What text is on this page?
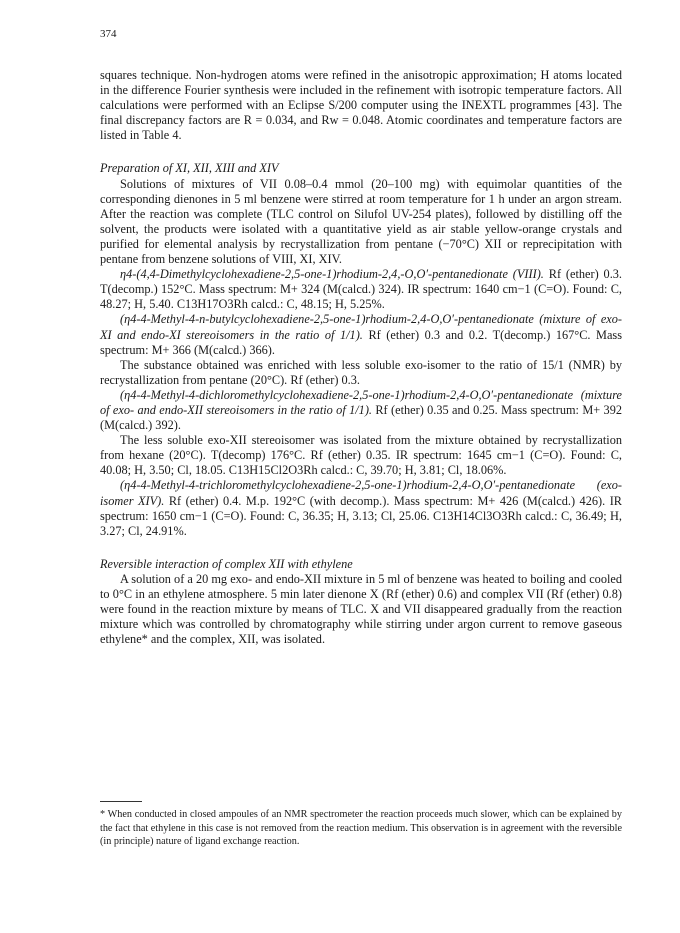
374

squares technique. Non-hydrogen atoms were refined in the anisotropic approximation; H atoms located in the difference Fourier synthesis were included in the refinement with isotropic temperature factors. All calculations were performed with an Eclipse S/200 computer using the INEXTL programmes [43]. The final discrepancy factors are R = 0.034, and Rw = 0.048. Atomic coordinates and temperature factors are listed in Table 4.

Preparation of XI, XII, XIII and XIV

Solutions of mixtures of VII 0.08–0.4 mmol (20–100 mg) with equimolar quantities of the corresponding dienones in 5 ml benzene were stirred at room temperature for 1 h under an argon stream. After the reaction was complete (TLC control on Silufol UV-254 plates), followed by distilling off the solvent, the products were isolated with a quantitative yield as air stable yellow-orange crystals and purified for elemental analysis by recrystallization from pentane (−70°C) XII or reprecipitation with pentane from benzene solutions of VIII, XI, XIV.

η4-(4,4-Dimethylcyclohexadiene-2,5-one-1)rhodium-2,4,-O,O′-pentanedionate (VIII). Rf (ether) 0.3. T(decomp.) 152°C. Mass spectrum: M+ 324 (M(calcd.) 324). IR spectrum: 1640 cm−1 (C=O). Found: C, 48.27; H, 5.40. C13H17O3Rh calcd.: C, 48.15; H, 5.25%.

(η4-4-Methyl-4-n-butylcyclohexadiene-2,5-one-1)rhodium-2,4-O,O′-pentanedionate (mixture of exo-XI and endo-XI stereoisomers in the ratio of 1/1). Rf (ether) 0.3 and 0.2. T(decomp.) 167°C. Mass spectrum: M+ 366 (M(calcd.) 366).

The substance obtained was enriched with less soluble exo-isomer to the ratio of 15/1 (NMR) by recrystallization from pentane (20°C). Rf (ether) 0.3.

(η4-4-Methyl-4-dichloromethylcyclohexadiene-2,5-one-1)rhodium-2,4-O,O′-pentanedionate (mixture of exo- and endo-XII stereoisomers in the ratio of 1/1). Rf (ether) 0.35 and 0.25. Mass spectrum: M+ 392 (M(calcd.) 392).

The less soluble exo-XII stereoisomer was isolated from the mixture obtained by recrystallization from hexane (20°C). T(decomp) 176°C. Rf (ether) 0.35. IR spectrum: 1645 cm−1 (C=O). Found: C, 40.08; H, 3.50; Cl, 18.05. C13H15Cl2O3Rh calcd.: C, 39.70; H, 3.81; Cl, 18.06%.

(η4-4-Methyl-4-trichloromethylcyclohexadiene-2,5-one-1)rhodium-2,4-O,O′-pentanedionate (exo-isomer XIV). Rf (ether) 0.4. M.p. 192°C (with decomp.). Mass spectrum: M+ 426 (M(calcd.) 426). IR spectrum: 1650 cm−1 (C=O). Found: C, 36.35; H, 3.13; Cl, 25.06. C13H14Cl3O3Rh calcd.: C, 36.49; H, 3.27; Cl, 24.91%.

Reversible interaction of complex XII with ethylene

A solution of a 20 mg exo- and endo-XII mixture in 5 ml of benzene was heated to boiling and cooled to 0°C in an ethylene atmosphere. 5 min later dienone X (Rf (ether) 0.6) and complex VII (Rf (ether) 0.8) were found in the reaction mixture by means of TLC. X and VII disappeared gradually from the reaction mixture which was controlled by chromatography while stirring under argon current to remove gaseous ethylene* and the complex, XII, was isolated.

* When conducted in closed ampoules of an NMR spectrometer the reaction proceeds much slower, which can be explained by the fact that ethylene in this case is not removed from the reaction medium. This observation is in agreement with the reversible (in principle) nature of ligand exchange reaction.
